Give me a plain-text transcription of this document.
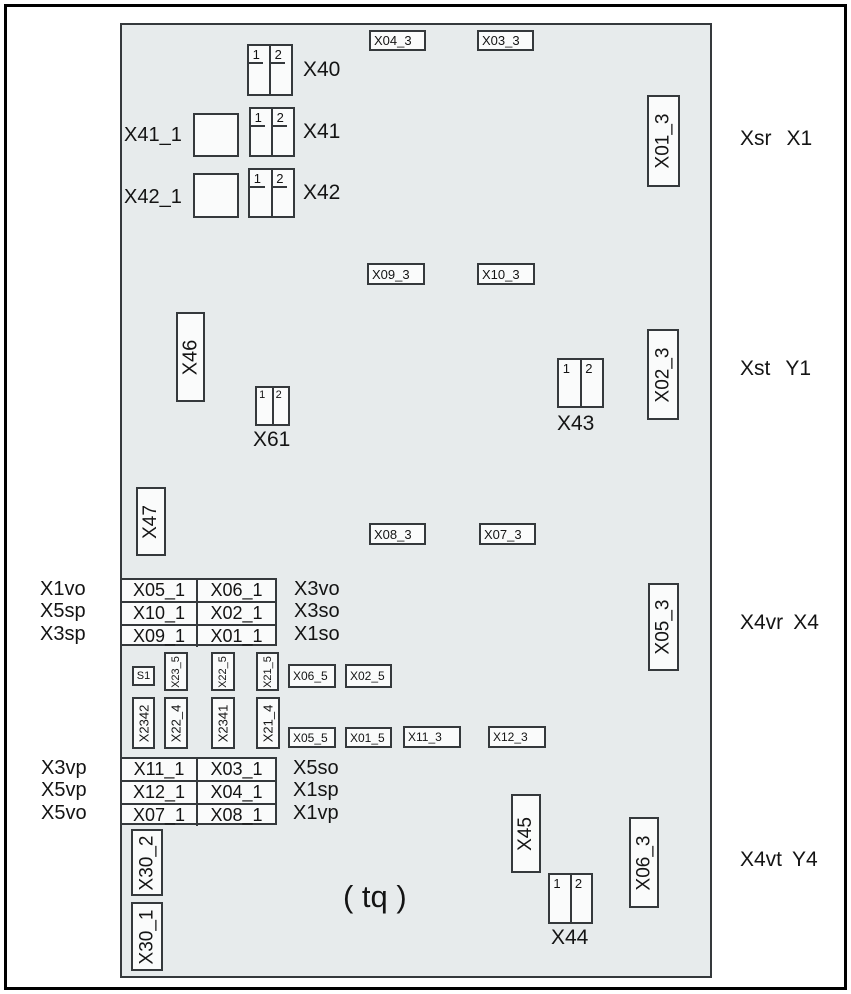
1 2
X40
X41_1
1 2
X41
X42_1
1 2
X42
X04_3	X03_3
X01_3
X09_3	X10_3
X46
1 2
X61
1 2
X43
X02_3
X47	X08_3	X07_3
X1vo
X5sp
X3sp
X05_1	X06_1
X10_1	X02_1
X09_1	X01_1
X3vo
X3so
X1so
S1	X23_5	X22_5	X21_5	X06_5	X02_5
X2342 X22_4 X2341 X21_4	X05_5	X01_5	X11_3	X12_3
X05_3
X3vp
X5vp
X5vo
X11_1	X03_1
X12_1	X04_1
X07_1	X08_1
X5so
X1sp
X1vp
X30_2
X30_1
( tq )
X45
1 2
X44
X06_3
Xsr X1
Xst Y1
X4vr X4
X4vt Y4
